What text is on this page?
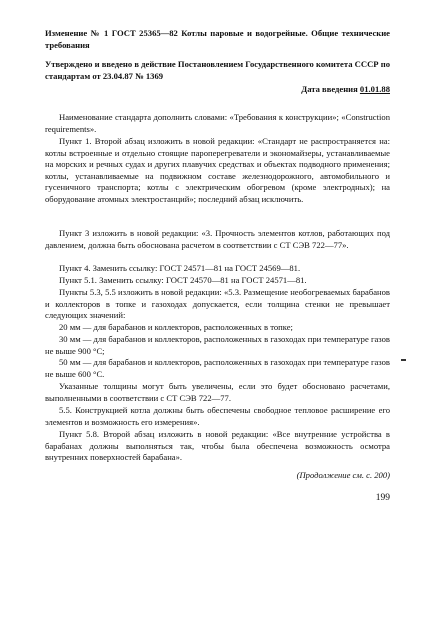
Изменение № 1 ГОСТ 25365—82 Котлы паровые и водогрейные. Общие технические требования

Утверждено и введено в действие Постановлением Государственного комитета СССР по стандартам от 23.04.87 № 1369

Дата введения 01.01.88

Наименование стандарта дополнить словами: «Требования к конструкции»; «Construction requirements».

Пункт 1. Второй абзац изложить в новой редакции: «Стандарт не распространяется на: котлы встроенные и отдельно стоящие пароперегреватели и экономайзеры, устанавливаемые на морских и речных судах и других плавучих средствах и объектах подводного применения; котлы, устанавливаемые на подвижном составе железнодорожного, автомобильного и гусеничного транспорта; котлы с электрическим обогревом (кроме электродных); на оборудование атомных электростанций»; последний абзац исключить.

Пункт 3 изложить в новой редакции: «3. Прочность элементов котлов, работающих под давлением, должна быть обоснована расчетом в соответствии с СТ СЭВ 722—77».

Пункт 4. Заменить ссылку: ГОСТ 24571—81 на ГОСТ 24569—81.

Пункт 5.1. Заменить ссылку: ГОСТ 24570—81 на ГОСТ 24571—81.

Пункты 5.3, 5.5 изложить в новой редакции: «5.3. Размещение необогреваемых барабанов и коллекторов в топке и газоходах допускается, если толщина стенки не превышает следующих значений:

20 мм — для барабанов и коллекторов, расположенных в топке;

30 мм — для барабанов и коллекторов, расположенных в газоходах при температуре газов не выше 900 °С;

50 мм — для барабанов и коллекторов, расположенных в газоходах при температуре газов не выше 600 °С.

Указанные толщины могут быть увеличены, если это будет обосновано расчетами, выполненными в соответствии с СТ СЭВ 722—77.

5.5. Конструкцией котла должны быть обеспечены свободное тепловое расширение его элементов и возможность его измерения».

Пункт 5.8. Второй абзац изложить в новой редакции: «Все внутренние устройства в барабанах должны выполняться так, чтобы была обеспечена возможность осмотра внутренних поверхностей барабана».

(Продолжение см. с. 200)

199
